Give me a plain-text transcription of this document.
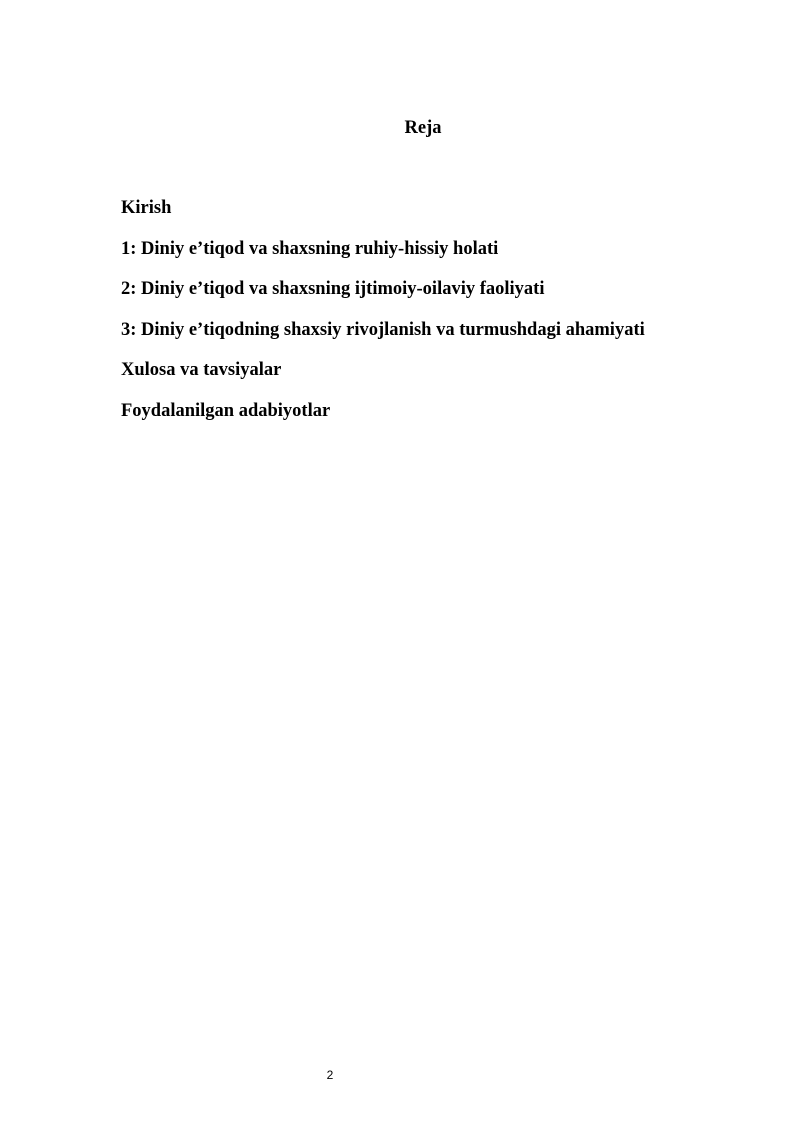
Reja
Kirish
1: Diniy e’tiqod va shaxsning ruhiy-hissiy holati
2: Diniy e’tiqod va shaxsning ijtimoiy-oilaviy faoliyati
3: Diniy e’tiqodning shaxsiy rivojlanish va turmushdagi ahamiyati
Xulosa va tavsiyalar
Foydalanilgan adabiyotlar
2
